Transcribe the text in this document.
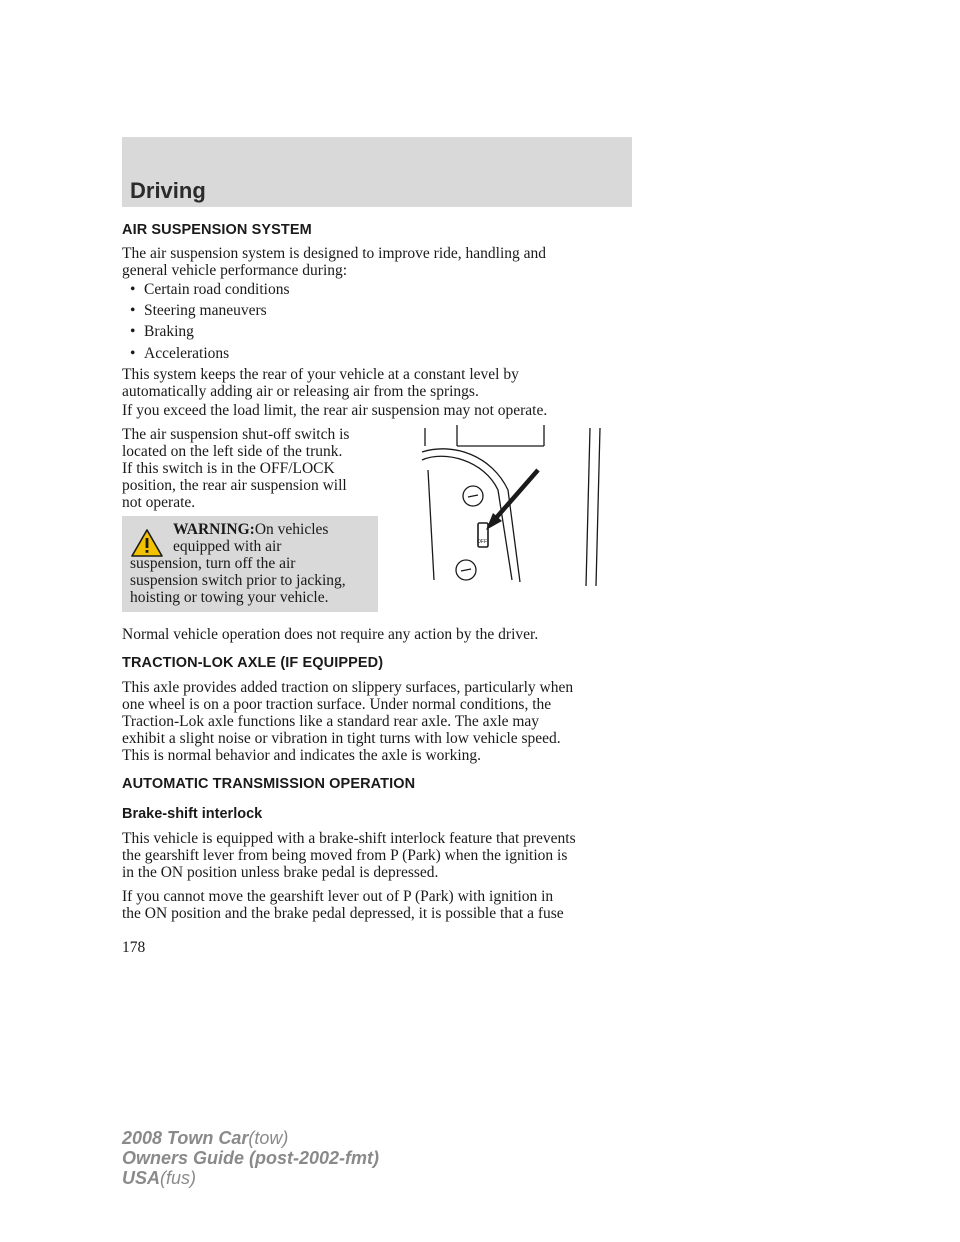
Driving
AIR SUSPENSION SYSTEM
The air suspension system is designed to improve ride, handling and
general vehicle performance during:
• Certain road conditions
• Steering maneuvers
• Braking
• Accelerations
This system keeps the rear of your vehicle at a constant level by
automatically adding air or releasing air from the springs.
If you exceed the load limit, the rear air suspension may not operate.
The air suspension shut-off switch is
located on the left side of the trunk.
If this switch is in the OFF/LOCK
position, the rear air suspension will
not operate.
WARNING:On vehicles
equipped with air
suspension, turn off the air
suspension switch prior to jacking,
hoisting or towing your vehicle.
OFF
Normal vehicle operation does not require any action by the driver.
TRACTION-LOK AXLE (IF EQUIPPED)
This axle provides added traction on slippery surfaces, particularly when
one wheel is on a poor traction surface. Under normal conditions, the
Traction-Lok axle functions like a standard rear axle. The axle may
exhibit a slight noise or vibration in tight turns with low vehicle speed.
This is normal behavior and indicates the axle is working.
AUTOMATIC TRANSMISSION OPERATION
Brake-shift interlock
This vehicle is equipped with a brake-shift interlock feature that prevents
the gearshift lever from being moved from P (Park) when the ignition is
in the ON position unless brake pedal is depressed.
If you cannot move the gearshift lever out of P (Park) with ignition in
the ON position and the brake pedal depressed, it is possible that a fuse
178
2008 Town Car(tow)
Owners Guide (post-2002-fmt)
USA(fus)
